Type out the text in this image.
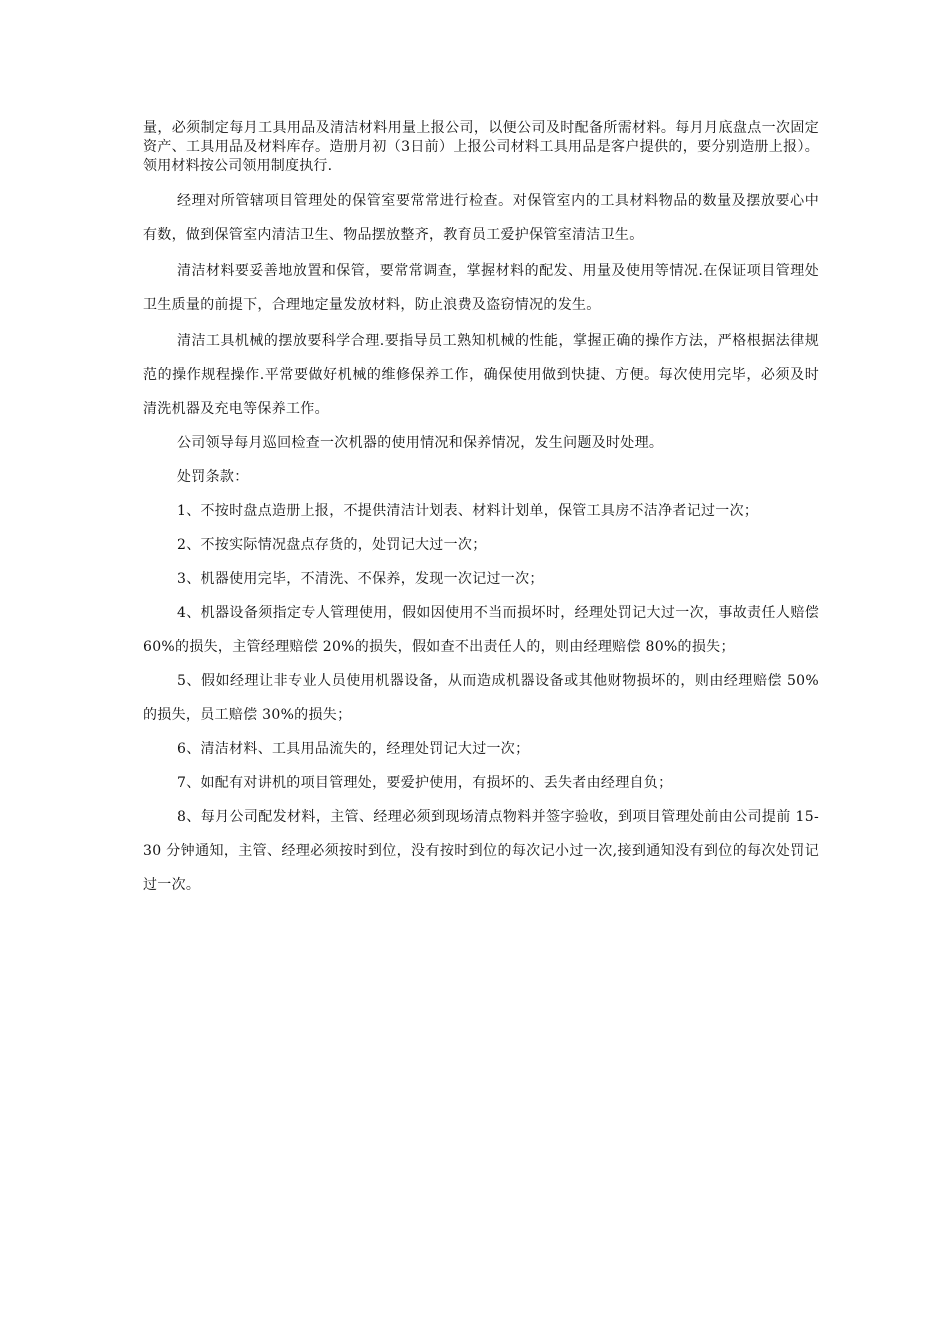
量，必须制定每月工具用品及清洁材料用量上报公司，以便公司及时配备所需材料。每月月底盘点一次固定资产、工具用品及材料库存。造册月初（3日前）上报公司材料工具用品是客户提供的，要分别造册上报）。领用材料按公司领用制度执行.

经理对所管辖项目管理处的保管室要常常进行检查。对保管室内的工具材料物品的数量及摆放要心中有数，做到保管室内清洁卫生、物品摆放整齐，教育员工爱护保管室清洁卫生。

清洁材料要妥善地放置和保管，要常常调查，掌握材料的配发、用量及使用等情况.在保证项目管理处卫生质量的前提下，合理地定量发放材料，防止浪费及盗窃情况的发生。

清洁工具机械的摆放要科学合理.要指导员工熟知机械的性能，掌握正确的操作方法，严格根据法律规范的操作规程操作.平常要做好机械的维修保养工作，确保使用做到快捷、方便。每次使用完毕，必须及时清洗机器及充电等保养工作。

公司领导每月巡回检查一次机器的使用情况和保养情况，发生问题及时处理。

处罚条款：

1、不按时盘点造册上报，不提供清洁计划表、材料计划单，保管工具房不洁净者记过一次；

2、不按实际情况盘点存货的，处罚记大过一次；

3、机器使用完毕，不清洗、不保养，发现一次记过一次；

4、机器设备须指定专人管理使用，假如因使用不当而损坏时，经理处罚记大过一次，事故责任人赔偿 60%的损失，主管经理赔偿 20%的损失，假如查不出责任人的，则由经理赔偿 80%的损失；

5、假如经理让非专业人员使用机器设备，从而造成机器设备或其他财物损坏的，则由经理赔偿 50%的损失，员工赔偿 30%的损失；

6、清洁材料、工具用品流失的，经理处罚记大过一次；

7、如配有对讲机的项目管理处，要爱护使用，有损坏的、丢失者由经理自负；

8、每月公司配发材料，主管、经理必须到现场清点物料并签字验收，到项目管理处前由公司提前 15-30 分钟通知，主管、经理必须按时到位，没有按时到位的每次记小过一次,接到通知没有到位的每次处罚记过一次。
